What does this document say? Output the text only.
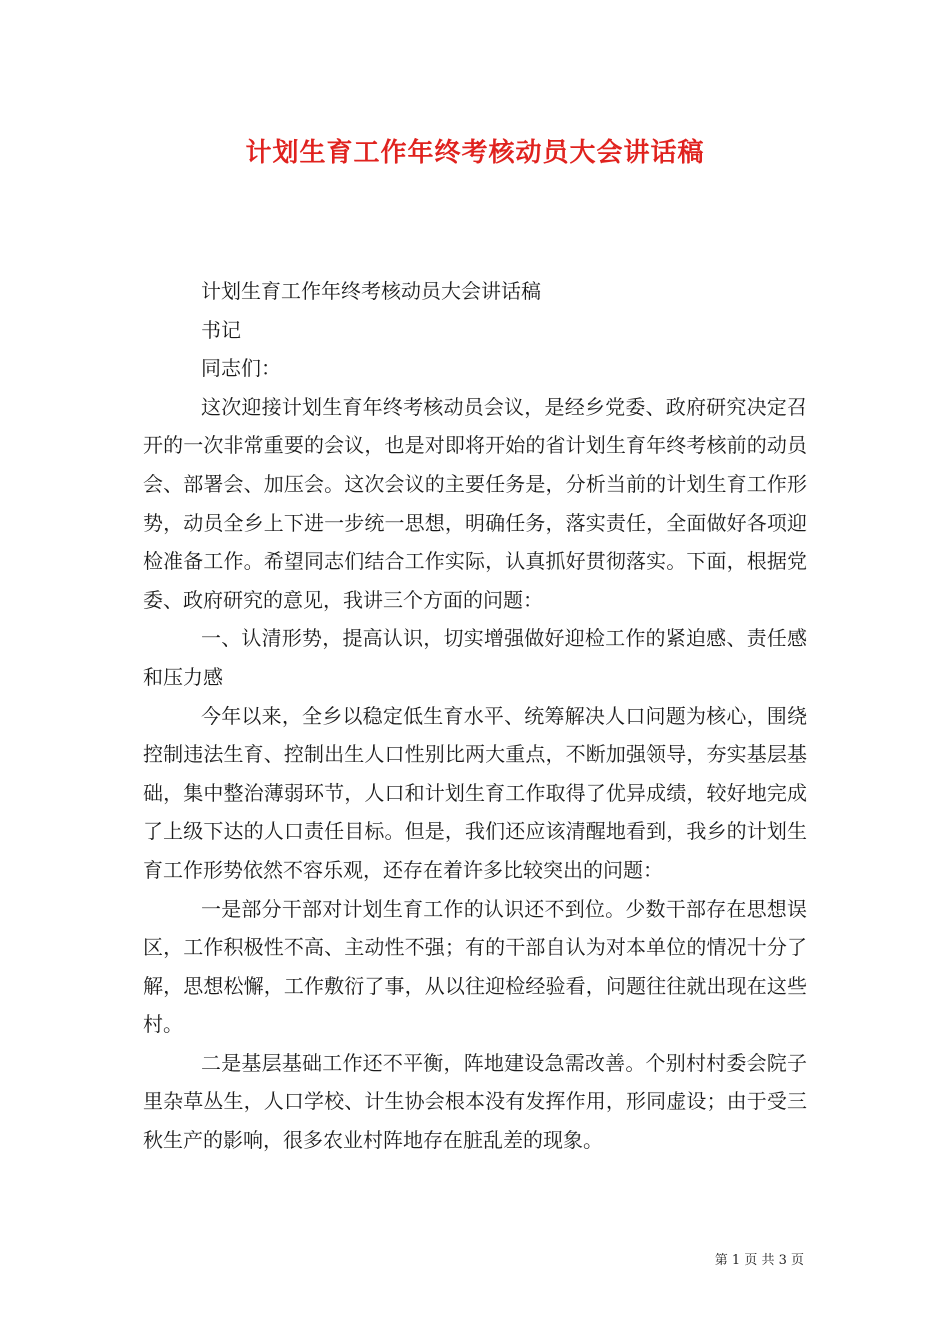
计划生育工作年终考核动员大会讲话稿

计划生育工作年终考核动员大会讲话稿

书记

同志们：

这次迎接计划生育年终考核动员会议，是经乡党委、政府研究决定召开的一次非常重要的会议，也是对即将开始的省计划生育年终考核前的动员会、部署会、加压会。这次会议的主要任务是，分析当前的计划生育工作形势，动员全乡上下进一步统一思想，明确任务，落实责任，全面做好各项迎检准备工作。希望同志们结合工作实际，认真抓好贯彻落实。下面，根据党委、政府研究的意见，我讲三个方面的问题：

一、认清形势，提高认识，切实增强做好迎检工作的紧迫感、责任感和压力感

今年以来，全乡以稳定低生育水平、统筹解决人口问题为核心，围绕控制违法生育、控制出生人口性别比两大重点，不断加强领导，夯实基层基础，集中整治薄弱环节，人口和计划生育工作取得了优异成绩，较好地完成了上级下达的人口责任目标。但是，我们还应该清醒地看到，我乡的计划生育工作形势依然不容乐观，还存在着许多比较突出的问题：

一是部分干部对计划生育工作的认识还不到位。少数干部存在思想误区，工作积极性不高、主动性不强；有的干部自认为对本单位的情况十分了解，思想松懈，工作敷衍了事，从以往迎检经验看，问题往往就出现在这些村。

二是基层基础工作还不平衡，阵地建设急需改善。个别村村委会院子里杂草丛生，人口学校、计生协会根本没有发挥作用，形同虚设；由于受三秋生产的影响，很多农业村阵地存在脏乱差的现象。

第 1 页 共 3 页
